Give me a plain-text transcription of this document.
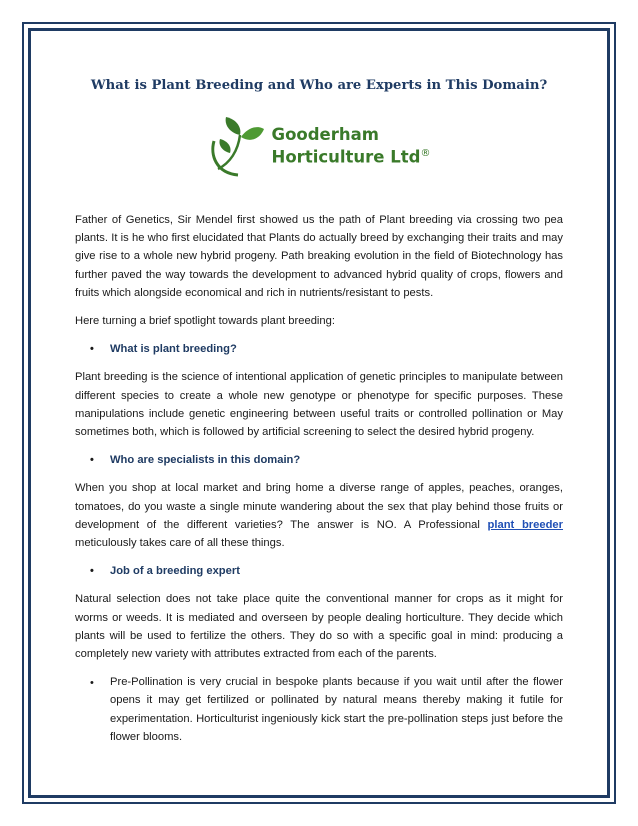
What is Plant Breeding and Who are Experts in This Domain?
Gooderham
Horticulture Ltd®

Father of Genetics, Sir Mendel first showed us the path of Plant breeding via crossing two pea plants. It is he who first elucidated that Plants do actually breed by exchanging their traits and may give rise to a whole new hybrid progeny. Path breaking evolution in the field of Biotechnology has further paved the way towards the development to advanced hybrid quality of crops, flowers and fruits which alongside economical and rich in nutrients/resistant to pests.

Here turning a brief spotlight towards plant breeding:

•
What is plant breeding?

Plant breeding is the science of intentional application of genetic principles to manipulate between different species to create a whole new genotype or phenotype for specific purposes. These manipulations include genetic engineering between useful traits or controlled pollination or May sometimes both, which is followed by artificial screening to select the desired hybrid progeny.

•
Who are specialists in this domain?

When you shop at local market and bring home a diverse range of apples, peaches, oranges, tomatoes, do you waste a single minute wandering about the sex that play behind those fruits or development of the different varieties? The answer is NO. A Professional plant breeder meticulously takes care of all these things.

•
Job of a breeding expert

Natural selection does not take place quite the conventional manner for crops as it might for worms or weeds. It is mediated and overseen by people dealing horticulture. They decide which plants will be used to fertilize the others. They do so with a specific goal in mind: producing a completely new variety with attributes extracted from each of the parents.

•

Pre-Pollination is very crucial in bespoke plants because if you wait until after the flower opens it may get fertilized or pollinated by natural means thereby making it futile for experimentation. Horticulturist ingeniously kick start the pre-pollination steps just before the flower blooms.
